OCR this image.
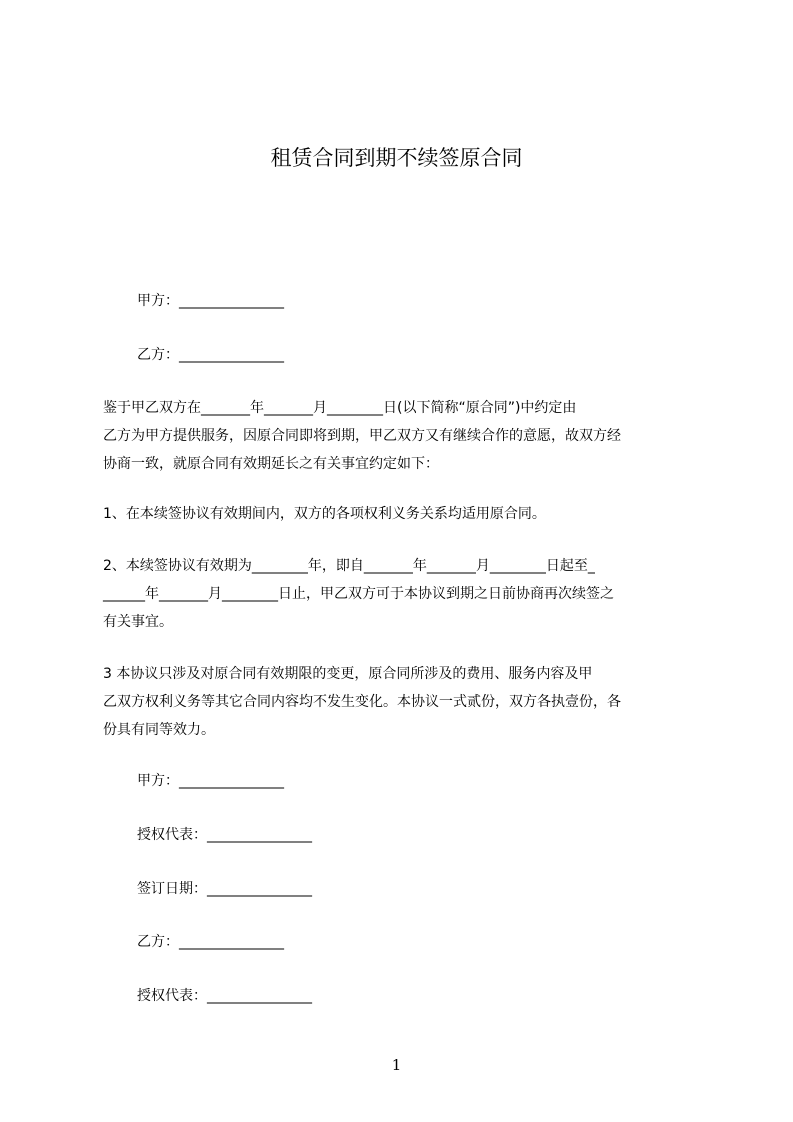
租赁合同到期不续签原合同
甲方：_______________
乙方：_______________
鉴于甲乙双方在_______年_______月________日(以下简称“原合同”)中约定由
乙方为甲方提供服务，因原合同即将到期，甲乙双方又有继续合作的意愿，故双方经
协商一致，就原合同有效期延长之有关事宜约定如下：
1、在本续签协议有效期间内，双方的各项权利义务关系均适用原合同。
2、本续签协议有效期为________年，即自_______年_______月________日起至_
______年_______月________日止，甲乙双方可于本协议到期之日前协商再次续签之
有关事宜。
3 本协议只涉及对原合同有效期限的变更，原合同所涉及的费用、服务内容及甲
乙双方权利义务等其它合同内容均不发生变化。本协议一式贰份，双方各执壹份，各
份具有同等效力。
甲方：_______________
授权代表：_______________
签订日期：_______________
乙方：_______________
授权代表：_______________
1
